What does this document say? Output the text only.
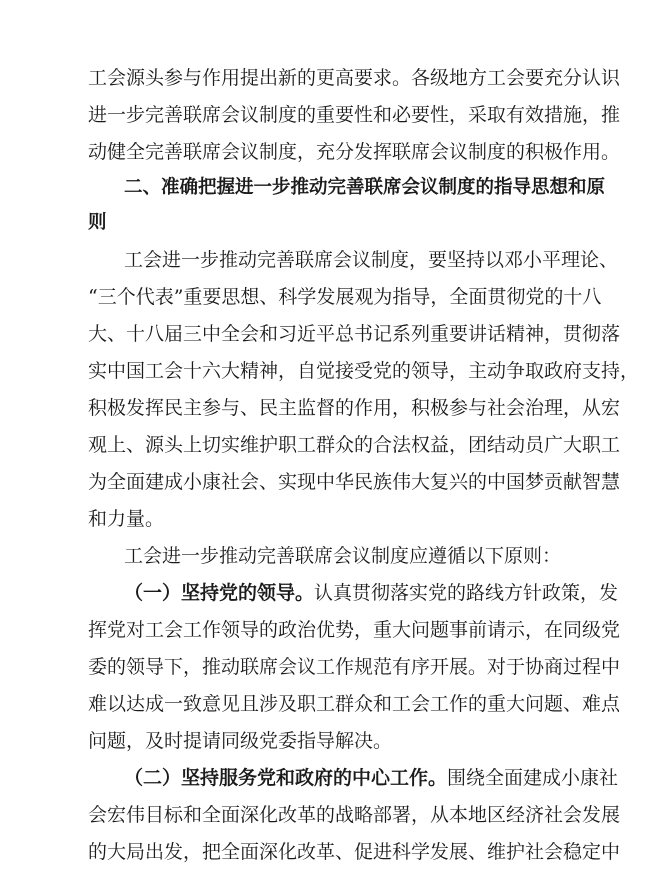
工会源头参与作用提出新的更高要求。各级地方工会要充分认识
进一步完善联席会议制度的重要性和必要性，采取有效措施，推
动健全完善联席会议制度，充分发挥联席会议制度的积极作用。
二、准确把握进一步推动完善联席会议制度的指导思想和原
则
工会进一步推动完善联席会议制度，要坚持以邓小平理论、
“三个代表”重要思想、科学发展观为指导，全面贯彻党的十八
大、十八届三中全会和习近平总书记系列重要讲话精神，贯彻落
实中国工会十六大精神，自觉接受党的领导，主动争取政府支持，
积极发挥民主参与、民主监督的作用，积极参与社会治理，从宏
观上、源头上切实维护职工群众的合法权益，团结动员广大职工
为全面建成小康社会、实现中华民族伟大复兴的中国梦贡献智慧
和力量。
工会进一步推动完善联席会议制度应遵循以下原则：
（一）坚持党的领导。认真贯彻落实党的路线方针政策，发
挥党对工会工作领导的政治优势，重大问题事前请示，在同级党
委的领导下，推动联席会议工作规范有序开展。对于协商过程中
难以达成一致意见且涉及职工群众和工会工作的重大问题、难点
问题，及时提请同级党委指导解决。
（二）坚持服务党和政府的中心工作。围绕全面建成小康社
会宏伟目标和全面深化改革的战略部署，从本地区经济社会发展
的大局出发，把全面深化改革、促进科学发展、维护社会稳定中
